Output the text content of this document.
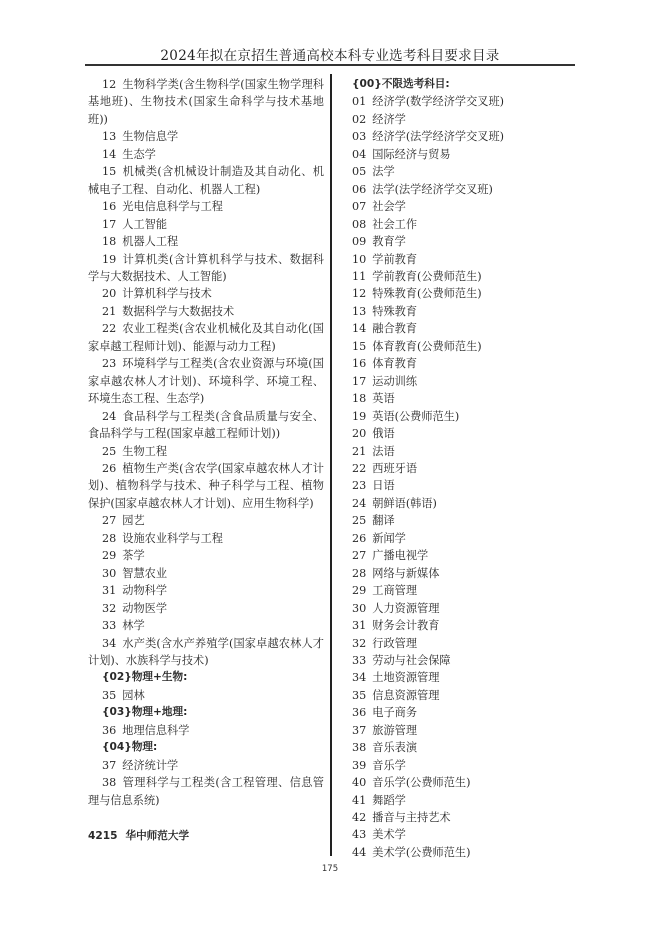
2024年拟在京招生普通高校本科专业选考科目要求目录
12 生物科学类(含生物科学(国家生物学理科基地班)、生物技术(国家生命科学与技术基地班))
13 生物信息学
14 生态学
15 机械类(含机械设计制造及其自动化、机械电子工程、自动化、机器人工程)
16 光电信息科学与工程
17 人工智能
18 机器人工程
19 计算机类(含计算机科学与技术、数据科学与大数据技术、人工智能)
20 计算机科学与技术
21 数据科学与大数据技术
22 农业工程类(含农业机械化及其自动化(国家卓越工程师计划)、能源与动力工程)
23 环境科学与工程类(含农业资源与环境(国家卓越农林人才计划)、环境科学、环境工程、环境生态工程、生态学)
24 食品科学与工程类(含食品质量与安全、食品科学与工程(国家卓越工程师计划))
25 生物工程
26 植物生产类(含农学(国家卓越农林人才计划)、植物科学与技术、种子科学与工程、植物保护(国家卓越农林人才计划)、应用生物科学)
27 园艺
28 设施农业科学与工程
29 茶学
30 智慧农业
31 动物科学
32 动物医学
33 林学
34 水产类(含水产养殖学(国家卓越农林人才计划)、水族科学与技术)
{02}物理+生物:
35 园林
{03}物理+地理:
36 地理信息科学
{04}物理:
37 经济统计学
38 管理科学与工程类(含工程管理、信息管理与信息系统)
4215 华中师范大学
{00}不限选考科目:
01 经济学(数学经济学交叉班)
02 经济学
03 经济学(法学经济学交叉班)
04 国际经济与贸易
05 法学
06 法学(法学经济学交叉班)
07 社会学
08 社会工作
09 教育学
10 学前教育
11 学前教育(公费师范生)
12 特殊教育(公费师范生)
13 特殊教育
14 融合教育
15 体育教育(公费师范生)
16 体育教育
17 运动训练
18 英语
19 英语(公费师范生)
20 俄语
21 法语
22 西班牙语
23 日语
24 朝鲜语(韩语)
25 翻译
26 新闻学
27 广播电视学
28 网络与新媒体
29 工商管理
30 人力资源管理
31 财务会计教育
32 行政管理
33 劳动与社会保障
34 土地资源管理
35 信息资源管理
36 电子商务
37 旅游管理
38 音乐表演
39 音乐学
40 音乐学(公费师范生)
41 舞蹈学
42 播音与主持艺术
43 美术学
44 美术学(公费师范生)
175
